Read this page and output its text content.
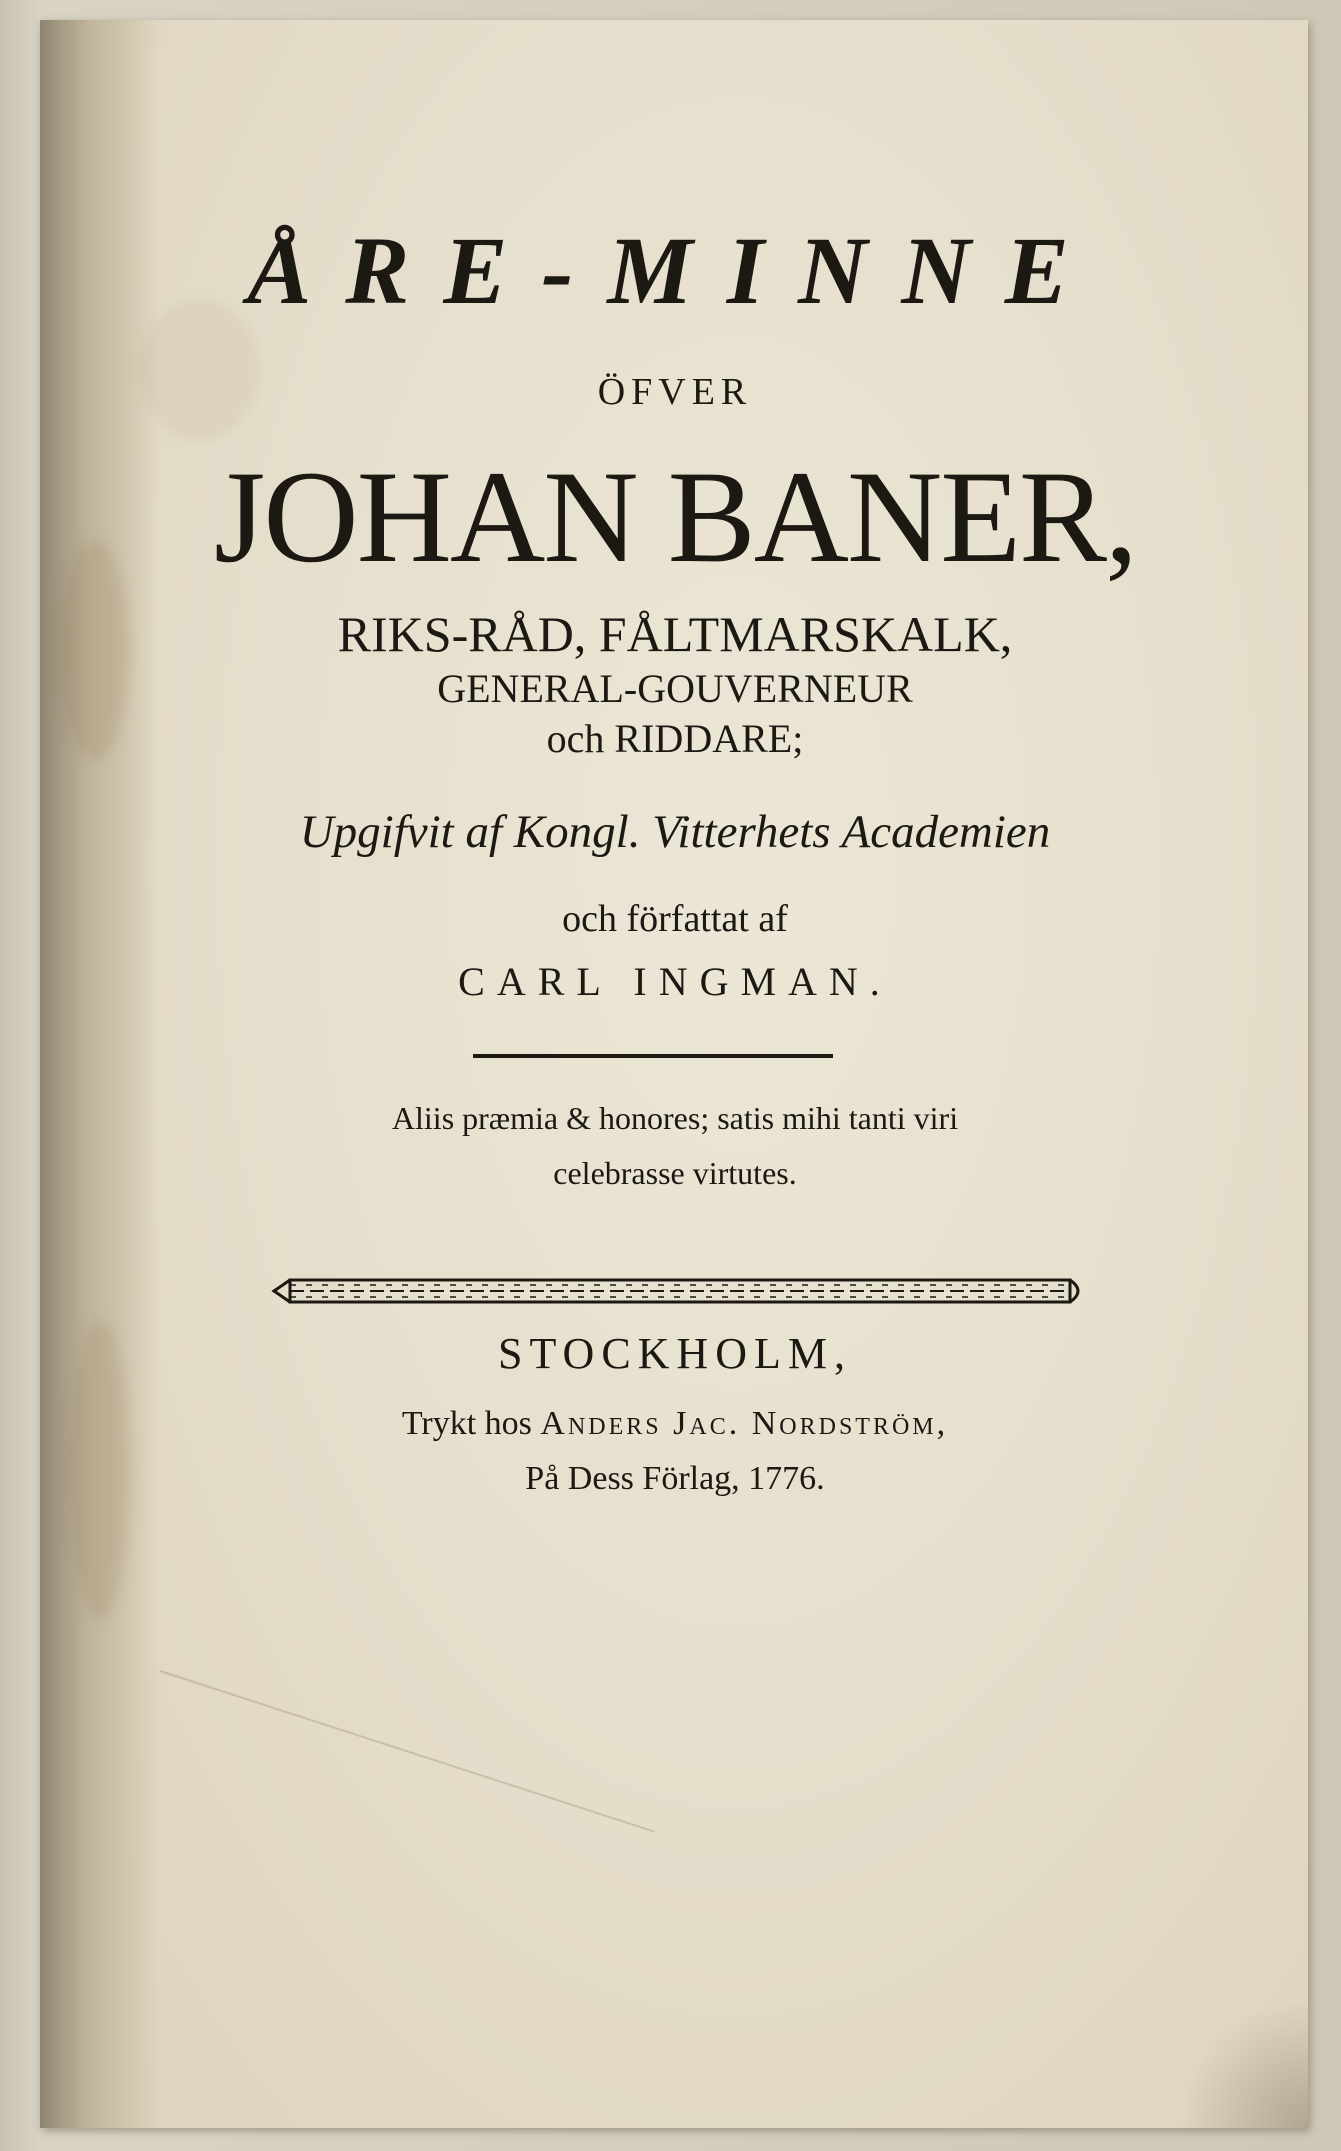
ÅRE-MINNE
ÖFVER
JOHAN BANER,
RIKS-RÅD, FÅLTMARSKALK,
GENERAL-GOUVERNEUR
och RIDDARE;
Upgifvit af Kongl. Vitterhets Academien
och författat af
CARL INGMAN.
Aliis præmia & honores; satis mihi tanti viri
celebrasse virtutes.
STOCKHOLM,
Trykt hos Anders Jac. Nordström,
På Dess Förlag, 1776.
